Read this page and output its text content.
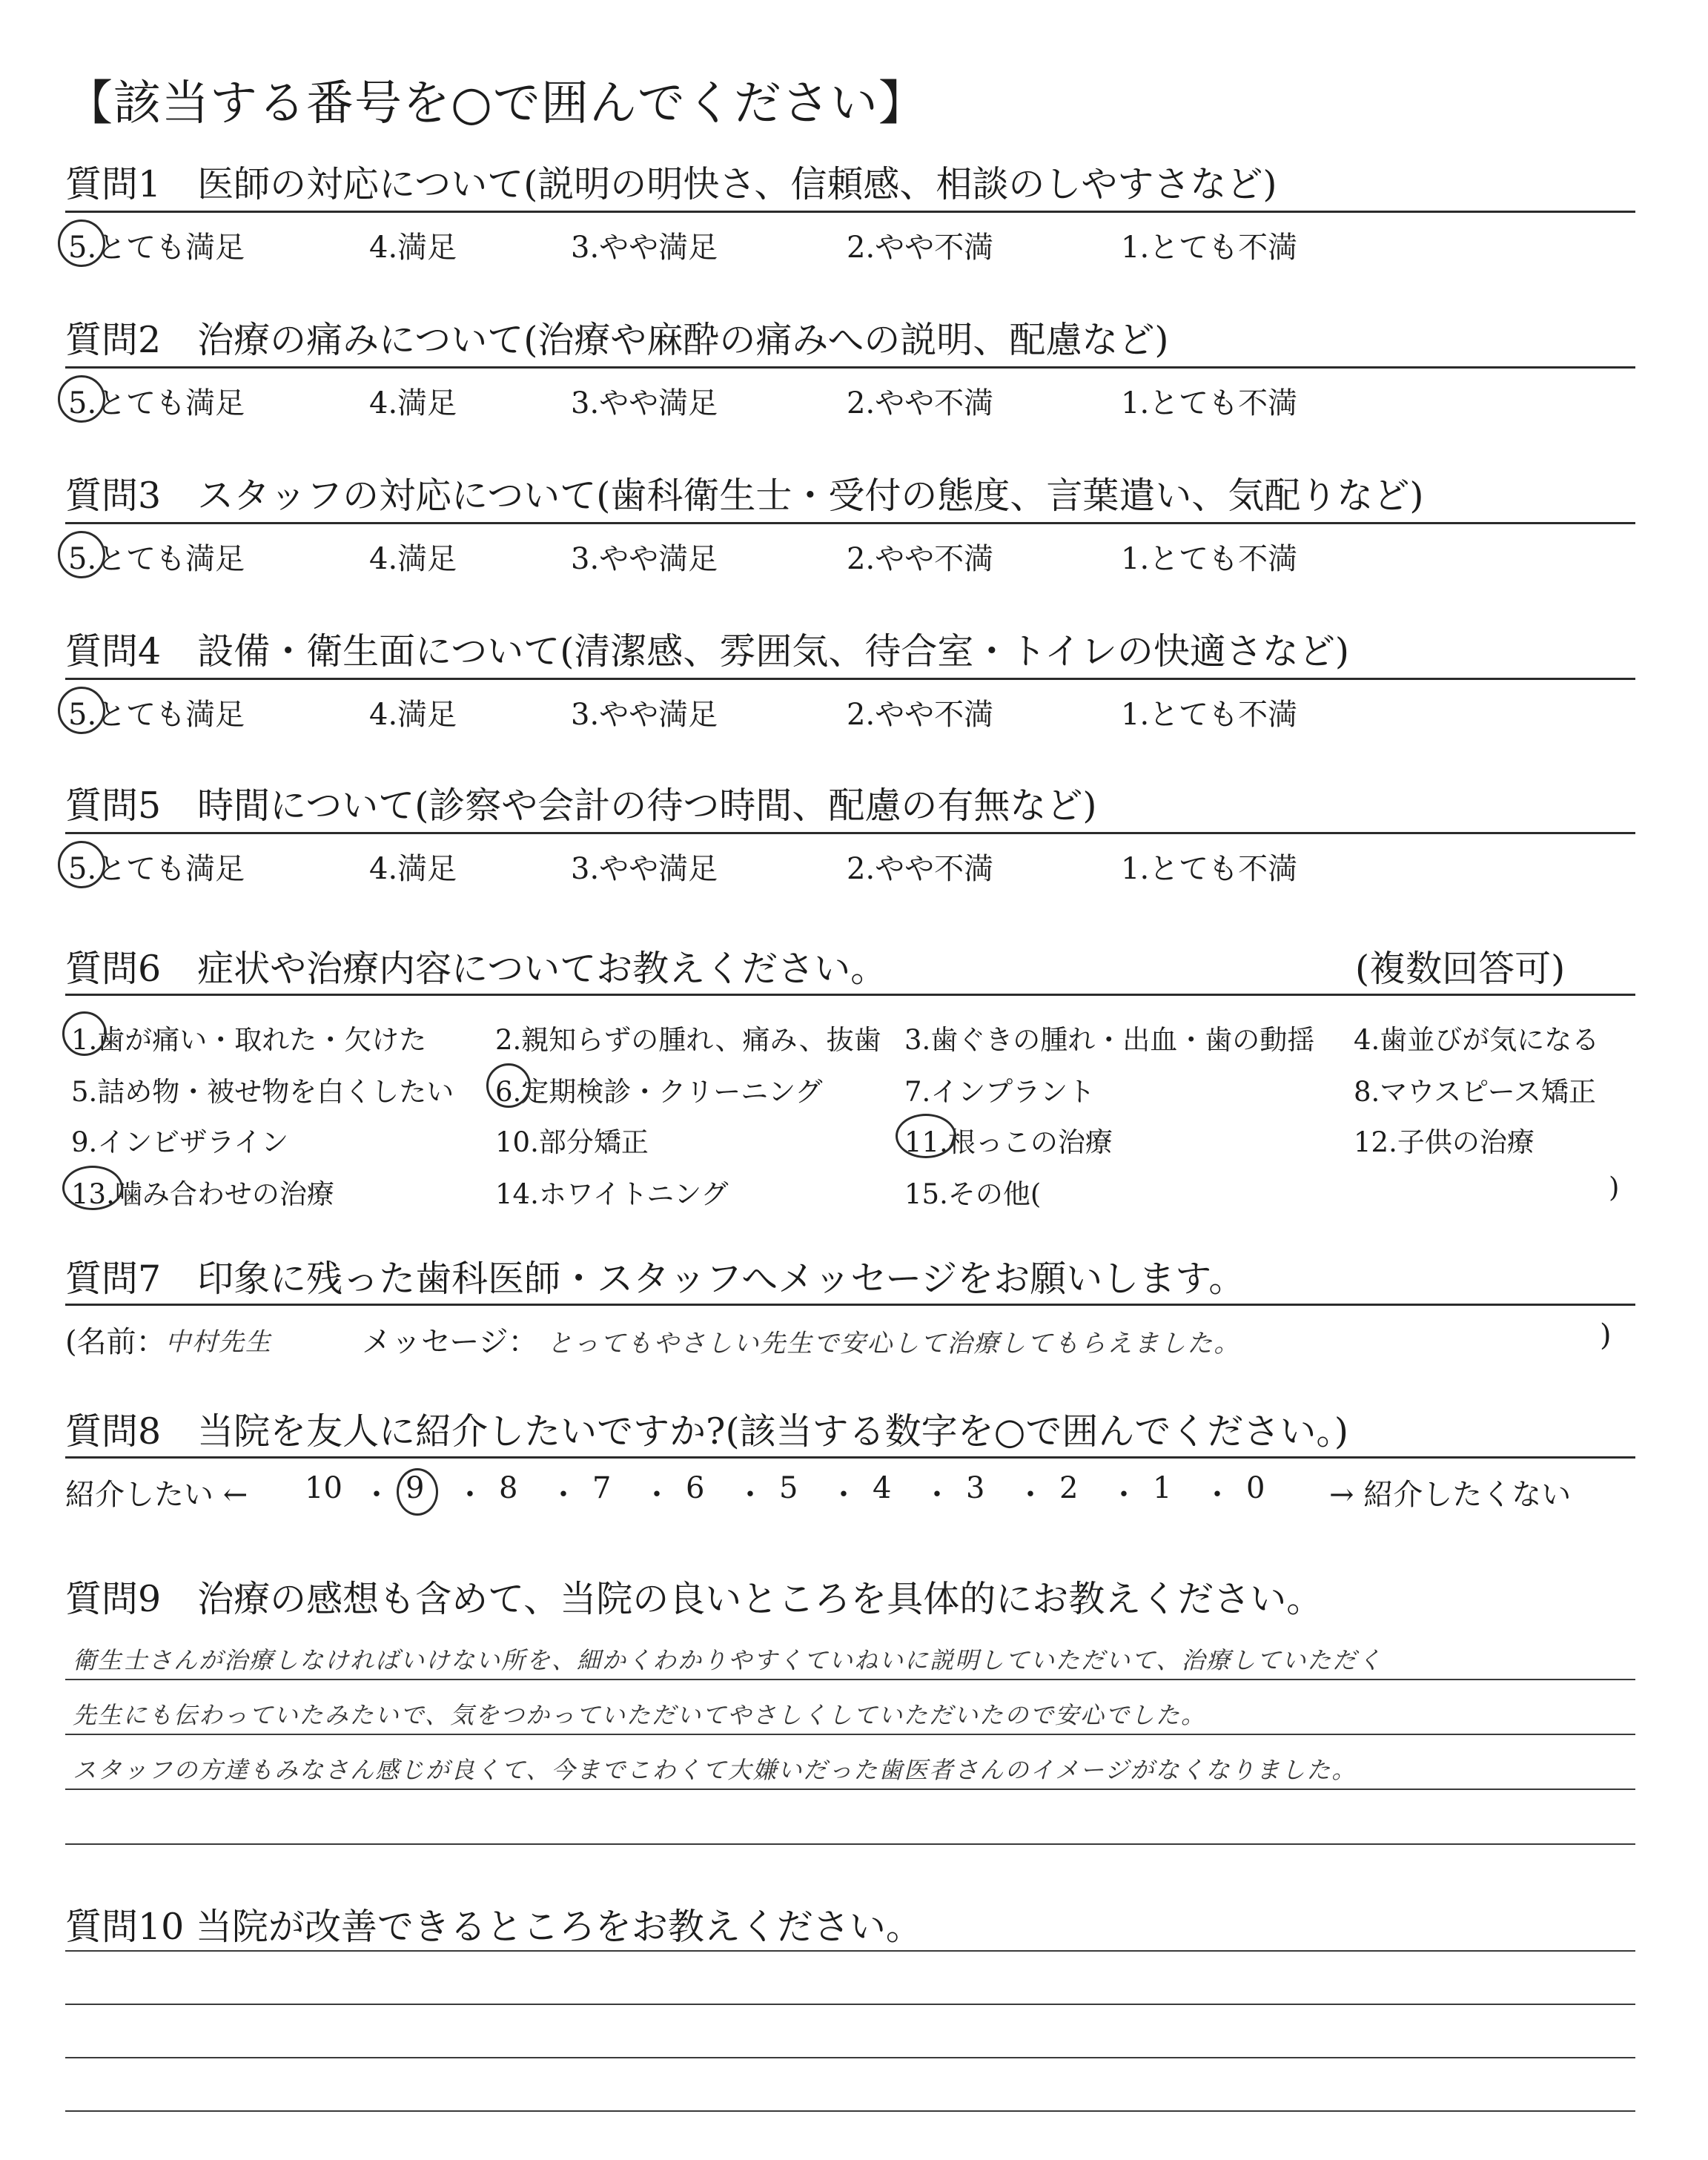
【該当する番号を○で囲んでください】
質問1　医師の対応について(説明の明快さ、信頼感、相談のしやすさなど)
5.とても満足	4.満足	3.やや満足	2.やや不満	1.とても不満
質問2　治療の痛みについて(治療や麻酔の痛みへの説明、配慮など)
5.とても満足	4.満足	3.やや満足	2.やや不満	1.とても不満
質問3　スタッフの対応について(歯科衛生士・受付の態度、言葉遣い、気配りなど)
5.とても満足	4.満足	3.やや満足	2.やや不満	1.とても不満
質問4　設備・衛生面について(清潔感、雰囲気、待合室・トイレの快適さなど)
5.とても満足	4.満足	3.やや満足	2.やや不満	1.とても不満
質問5　時間について(診察や会計の待つ時間、配慮の有無など)
5.とても満足	4.満足	3.やや満足	2.やや不満	1.とても不満
質問6　症状や治療内容についてお教えください。	(複数回答可)
1.歯が痛い・取れた・欠けた	2.親知らずの腫れ、痛み、抜歯 3.歯ぐきの腫れ・出血・歯の動揺 4.歯並びが気になる
5.詰め物・被せ物を白くしたい 6.定期検診・クリーニング	7.インプラント	8.マウスピース矯正
9.インビザライン	10.部分矯正	11.根っこの治療	12.子供の治療
13.噛み合わせの治療	14.ホワイトニング	15.その他(	)
質問7　印象に残った歯科医師・スタッフへメッセージをお願いします。
(名前： 中村先生	メッセージ： とってもやさしい先生で安心して治療してもらえました。	)
質問8　当院を友人に紹介したいですか?(該当する数字を○で囲んでください。)
紹介したい ← 10 ・ 9 ・ 8 ・ 7 ・ 6 ・ 5 ・ 4 ・ 3 ・ 2 ・ 1 ・ 0 → 紹介したくない
質問9　治療の感想も含めて、当院の良いところを具体的にお教えください。
衛生士さんが治療しなければいけない所を、細かくわかりやすくていねいに説明していただいて、治療していただく
先生にも伝わっていたみたいで、気をつかっていただいてやさしくしていただいたので安心でした。
スタッフの方達もみなさん感じが良くて、今までこわくて大嫌いだった歯医者さんのイメージがなくなりました。
質問10 当院が改善できるところをお教えください。
